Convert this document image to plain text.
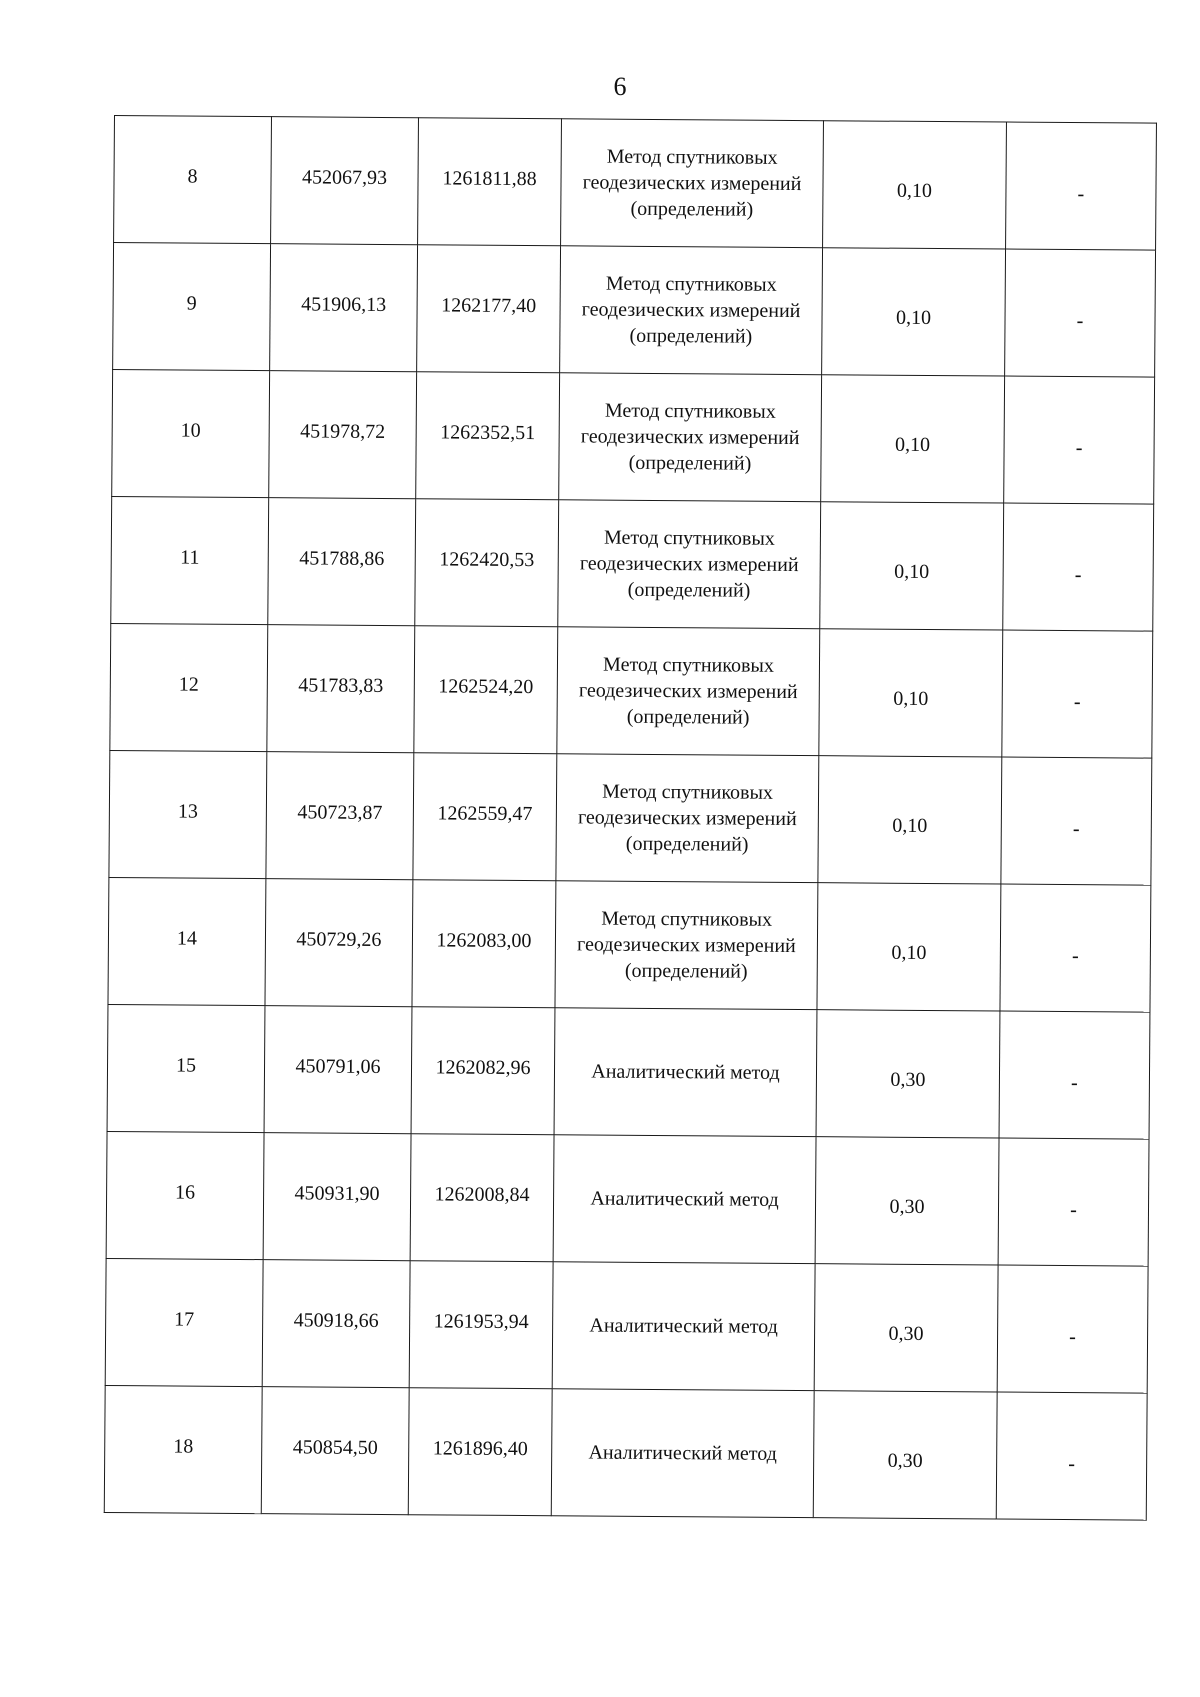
6
8	452067,93	1261811,88	Метод спутниковых геодезических измерений (определений)	0,10	-
9	451906,13	1262177,40	Метод спутниковых геодезических измерений (определений)	0,10	-
10	451978,72	1262352,51	Метод спутниковых геодезических измерений (определений)	0,10	-
11	451788,86	1262420,53	Метод спутниковых геодезических измерений (определений)	0,10	-
12	451783,83	1262524,20	Метод спутниковых геодезических измерений (определений)	0,10	-
13	450723,87	1262559,47	Метод спутниковых геодезических измерений (определений)	0,10	-
14	450729,26	1262083,00	Метод спутниковых геодезических измерений (определений)	0,10	-
15	450791,06	1262082,96	Аналитический метод	0,30	-
16	450931,90	1262008,84	Аналитический метод	0,30	-
17	450918,66	1261953,94	Аналитический метод	0,30	-
18	450854,50	1261896,40	Аналитический метод	0,30	-
